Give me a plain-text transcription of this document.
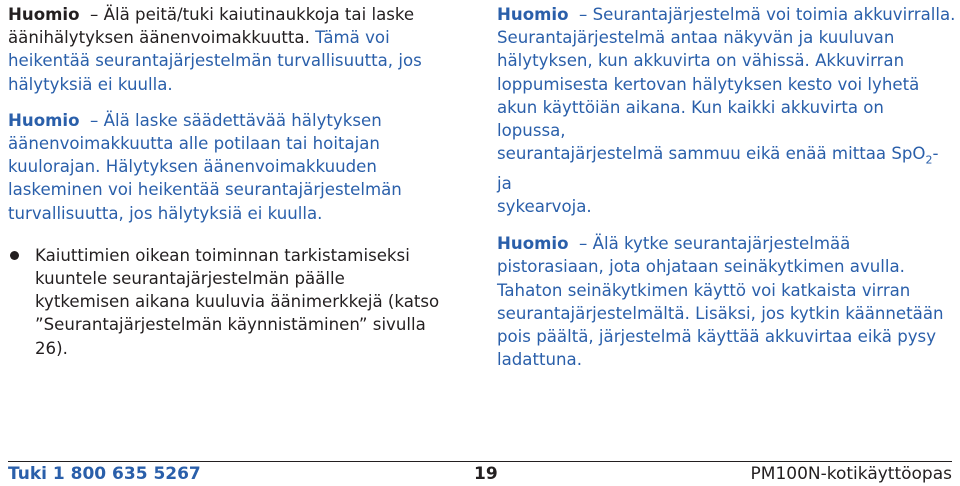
Huomio  – Älä peitä/tuki kaiutinaukkoja tai laske
äänihälytyksen äänenvoimakkuutta. Tämä voi
heikentää seurantajärjestelmän turvallisuutta, jos
hälytyksiä ei kuulla.

Huomio  – Älä laske säädettävää hälytyksen
äänenvoimakkuutta alle potilaan tai hoitajan
kuulorajan. Hälytyksen äänenvoimakkuuden
laskeminen voi heikentää seurantajärjestelmän
turvallisuutta, jos hälytyksiä ei kuulla.

Kaiuttimien oikean toiminnan tarkistamiseksi
kuuntele seurantajärjestelmän päälle
kytkemisen aikana kuuluvia äänimerkkejä (katso
”Seurantajärjestelmän käynnistäminen” sivulla 26).

Huomio  – Seurantajärjestelmä voi toimia akkuvirralla.
Seurantajärjestelmä antaa näkyvän ja kuuluvan
hälytyksen, kun akkuvirta on vähissä. Akkuvirran
loppumisesta kertovan hälytyksen kesto voi lyhetä
akun käyttöiän aikana. Kun kaikki akkuvirta on lopussa,
seurantajärjestelmä sammuu eikä enää mittaa SpO$_2$- ja
sykearvoja.

Huomio  – Älä kytke seurantajärjestelmää
pistorasiaan, jota ohjataan seinäkytkimen avulla.
Tahaton seinäkytkimen käyttö voi katkaista virran
seurantajärjestelmältä. Lisäksi, jos kytkin käännetään
pois päältä, järjestelmä käyttää akkuvirtaa eikä pysy
ladattuna.

Tuki 1 800 635 5267	19	PM100N-kotikäyttöopas
